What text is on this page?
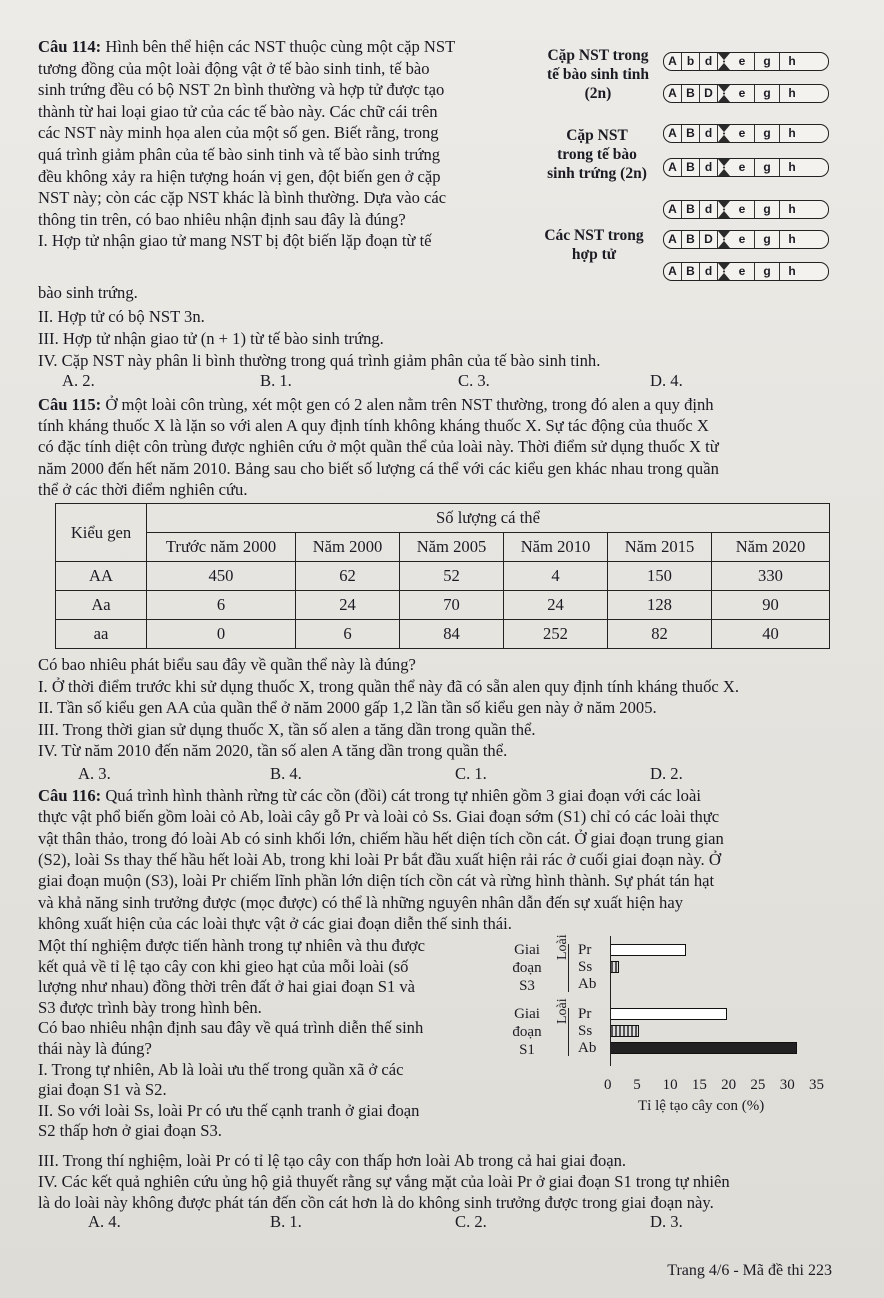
Câu 114: Hình bên thể hiện các NST thuộc cùng một cặp NST
tương đồng của một loài động vật ở tế bào sinh tinh, tế bào
sinh trứng đều có bộ NST 2n bình thường và hợp tử được tạo
thành từ hai loại giao tử của các tế bào này. Các chữ cái trên
các NST này minh họa alen của một số gen. Biết rằng, trong
quá trình giảm phân của tế bào sinh tinh và tế bào sinh trứng
đều không xảy ra hiện tượng hoán vị gen, đột biến gen ở cặp
NST này; còn các cặp NST khác là bình thường. Dựa vào các
thông tin trên, có bao nhiêu nhận định sau đây là đúng?
I. Hợp tử nhận giao tử mang NST bị đột biến lặp đoạn từ tế
bào sinh trứng.
II. Hợp tử có bộ NST 3n.
III. Hợp tử nhận giao tử (n + 1) từ tế bào sinh trứng.
IV. Cặp NST này phân li bình thường trong quá trình giảm phân của tế bào sinh tinh.
Cặp NST trong
tế bào sinh tinh
(2n)
Cặp NST
trong tế bào
sinh trứng (2n)
Các NST trong
hợp tử
A b d	e	g	h
A B D	e	g	h
A B d	e	g	h
A B d	e	g	h
A B d	e	g	h
A B D	e	g	h
A B d	e	g	h
A. 2.	B. 1.	C. 3.	D. 4.
Câu 115: Ở một loài côn trùng, xét một gen có 2 alen nằm trên NST thường, trong đó alen a quy định
tính kháng thuốc X là lặn so với alen A quy định tính không kháng thuốc X. Sự tác động của thuốc X
có đặc tính diệt côn trùng được nghiên cứu ở một quần thể của loài này. Thời điểm sử dụng thuốc X từ
năm 2000 đến hết năm 2010. Bảng sau cho biết số lượng cá thể với các kiểu gen khác nhau trong quần
thể ở các thời điểm nghiên cứu.
Kiểu gen	Số lượng cá thể					
	Trước năm 2000	Năm 2000	Năm 2005	Năm 2010	Năm 2015	Năm 2020
AA	450	62	52	4	150	330
Aa	6	24	70	24	128	90
aa	0	6	84	252	82	40
Có bao nhiêu phát biểu sau đây về quần thể này là đúng?
I. Ở thời điểm trước khi sử dụng thuốc X, trong quần thể này đã có sẵn alen quy định tính kháng thuốc X.
II. Tần số kiểu gen AA của quần thể ở năm 2000 gấp 1,2 lần tần số kiểu gen này ở năm 2005.
III. Trong thời gian sử dụng thuốc X, tần số alen a tăng dần trong quần thể.
IV. Từ năm 2010 đến năm 2020, tần số alen A tăng dần trong quần thể.
A. 3.	B. 4.	C. 1.	D. 2.
Câu 116: Quá trình hình thành rừng từ các cồn (đồi) cát trong tự nhiên gồm 3 giai đoạn với các loài
thực vật phổ biến gồm loài cỏ Ab, loài cây gỗ Pr và loài cỏ Ss. Giai đoạn sớm (S1) chỉ có các loài thực
vật thân thảo, trong đó loài Ab có sinh khối lớn, chiếm hầu hết diện tích cồn cát. Ở giai đoạn trung gian
(S2), loài Ss thay thế hầu hết loài Ab, trong khi loài Pr bắt đầu xuất hiện rải rác ở cuối giai đoạn này. Ở
giai đoạn muộn (S3), loài Pr chiếm lĩnh phần lớn diện tích cồn cát và rừng hình thành. Sự phát tán hạt
và khả năng sinh trưởng được (mọc được) có thể là những nguyên nhân dẫn đến sự xuất hiện hay
không xuất hiện của các loài thực vật ở các giai đoạn diễn thế sinh thái.
Một thí nghiệm được tiến hành trong tự nhiên và thu được
kết quả về tỉ lệ tạo cây con khi gieo hạt của mỗi loài (số
lượng như nhau) đồng thời trên đất ở hai giai đoạn S1 và
S3 được trình bày trong hình bên.
Có bao nhiêu nhận định sau đây về quá trình diễn thế sinh
thái này là đúng?
I. Trong tự nhiên, Ab là loài ưu thế trong quần xã ở các
giai đoạn S1 và S2.
II. So với loài Ss, loài Pr có ưu thế cạnh tranh ở giai đoạn
S2 thấp hơn ở giai đoạn S3.
III. Trong thí nghiệm, loài Pr có tỉ lệ tạo cây con thấp hơn loài Ab trong cả hai giai đoạn.
IV. Các kết quả nghiên cứu ủng hộ giả thuyết rằng sự vắng mặt của loài Pr ở giai đoạn S1 trong tự nhiên
là do loài này không được phát tán đến cồn cát hơn là do không sinh trưởng được trong giai đoạn này.
Giai
đoạn
S3
Loài Pr
Ss
Ab
Giai
đoạn
S1
Loài Pr
Ss
Ab
0 5 10 15 20 25 30 35
Tỉ lệ tạo cây con (%)
A. 4.	B. 1.	C. 2.	D. 3.
Trang 4/6 - Mã đề thi 223
